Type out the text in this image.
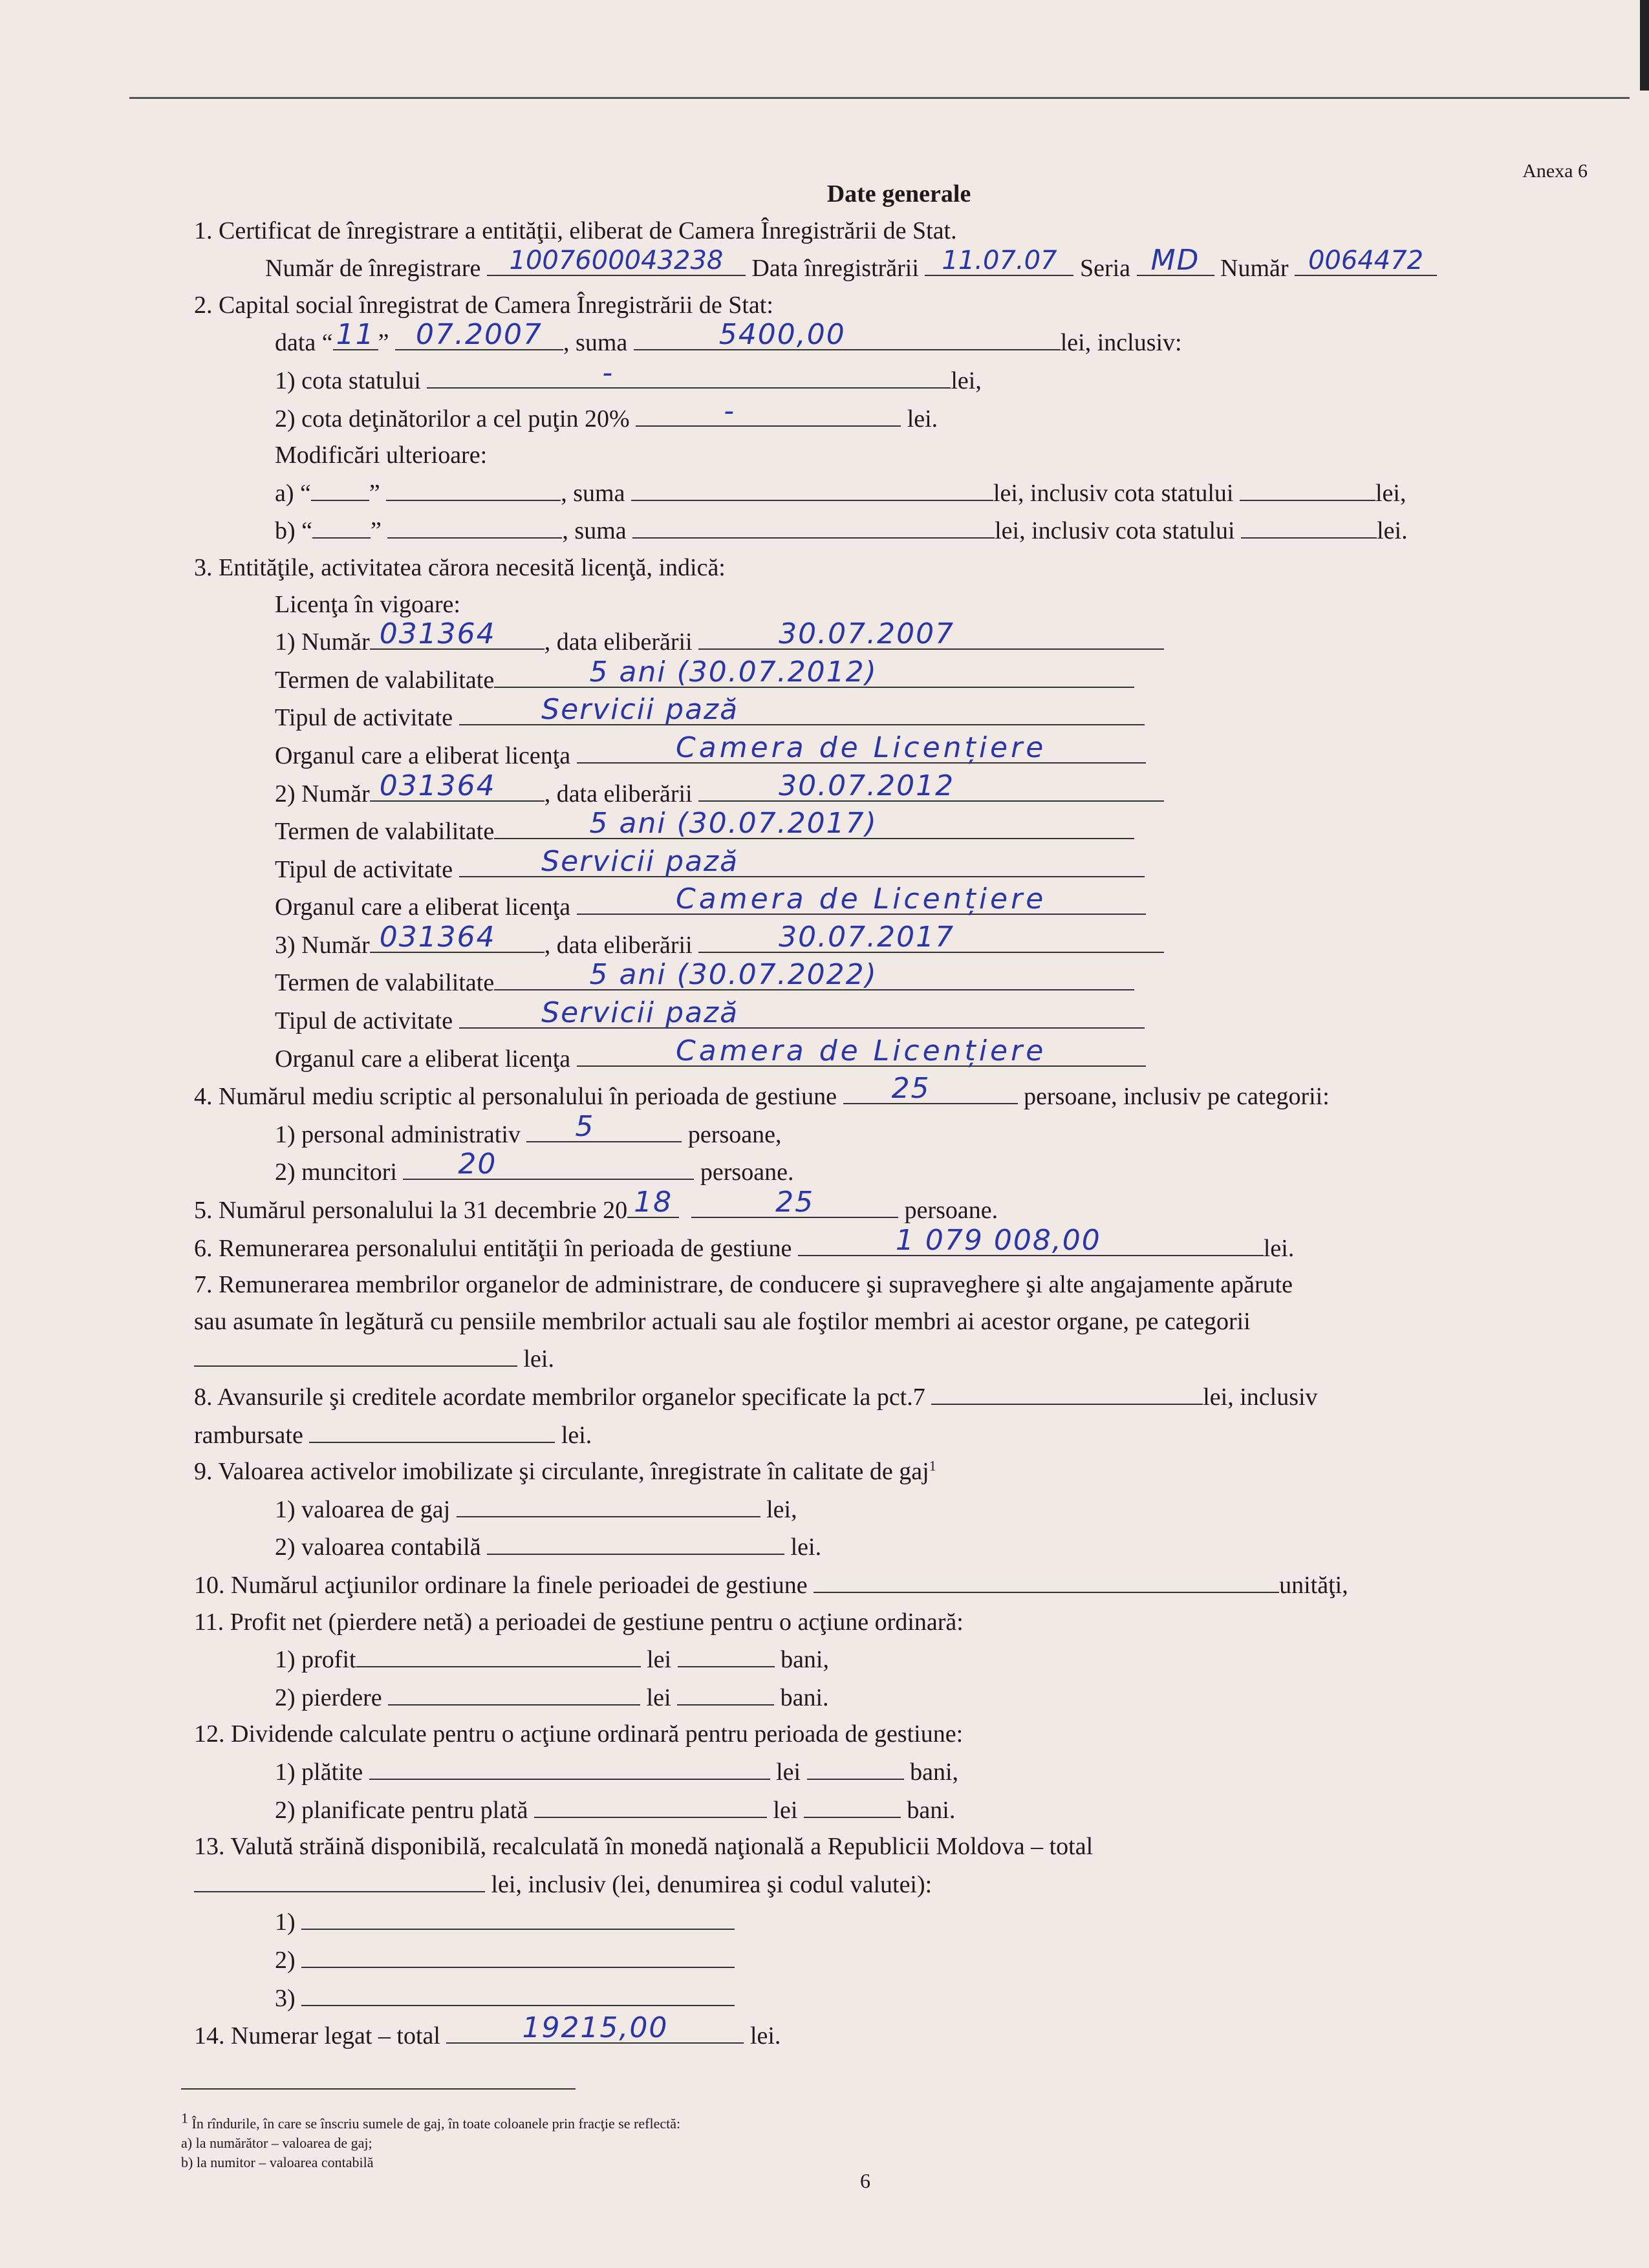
Anexa 6
Date generale
1. Certificat de înregistrare a entităţii, eliberat de Camera Înregistrării de Stat.
Număr de înregistrare	1007600043238	Data înregistrării 11.07.07 Seria MD Număr 0064472
2. Capital social înregistrat de Camera Înregistrării de Stat:
data “ 11 ” 07.2007 , suma	5400,00	lei, inclusiv:
1) cota statului	-	lei,
2) cota deţinătorilor a cel puţin 20%	-	lei.
Modificări ulterioare:
a) “ ”	, suma	lei, inclusiv cota statului	lei,
b) “ ”	, suma	lei, inclusiv cota statului	lei.
3. Entităţile, activitatea cărora necesită licenţă, indică:
Licenţa în vigoare:
1) Număr 031364	, data eliberării	30.07.2007
Termen de valabilitate	5 ani (30.07.2012)
Tipul de activitate	Servicii pază
Organul care a eliberat licenţa	Camera de Licențiere
2) Număr 031364	, data eliberării	30.07.2012
Termen de valabilitate	5 ani (30.07.2017)
Tipul de activitate	Servicii pază
Organul care a eliberat licenţa	Camera de Licențiere
3) Număr 031364	, data eliberării	30.07.2017
Termen de valabilitate	5 ani (30.07.2022)
Tipul de activitate	Servicii pază
Organul care a eliberat licenţa	Camera de Licențiere
4. Numărul mediu scriptic al personalului în perioada de gestiune	25	persoane, inclusiv pe categorii:
1) personal administrativ	5	persoane,
2) muncitori	20	persoane.
5. Numărul personalului la 31 decembrie 20 18
	25	persoane.
6. Remunerarea personalului entităţii în perioada de gestiune	1 079 008,00	lei.
7. Remunerarea membrilor organelor de administrare, de conducere şi supraveghere şi alte angajamente apărute
sau asumate în legătură cu pensiile membrilor actuali sau ale foştilor membri ai acestor organe, pe categorii
lei.
8. Avansurile şi creditele acordate membrilor organelor specificate la pct.7	lei, inclusiv
rambursate	lei.
9. Valoarea activelor imobilizate şi circulante, înregistrate în calitate de gaj$^1$
1) valoarea de gaj	lei,
2) valoarea contabilă	lei.
10. Numărul acţiunilor ordinare la finele perioadei de gestiune	unităţi,
11. Profit net (pierdere netă) a perioadei de gestiune pentru o acţiune ordinară:
1) profit	lei	bani,
2) pierdere	lei	bani.
12. Dividende calculate pentru o acţiune ordinară pentru perioada de gestiune:
1) plătite	lei	bani,
2) planificate pentru plată	lei	bani.
13. Valută străină disponibilă, recalculată în monedă naţională a Republicii Moldova – total
lei, inclusiv (lei, denumirea şi codul valutei):
1)
2)
3)
14. Numerar legat – total	19215,00	lei.
$^1$ În rîndurile, în care se înscriu sumele de gaj, în toate coloanele prin fracţie se reflectă:
a) la numărător – valoarea de gaj;
b) la numitor – valoarea contabilă
6
